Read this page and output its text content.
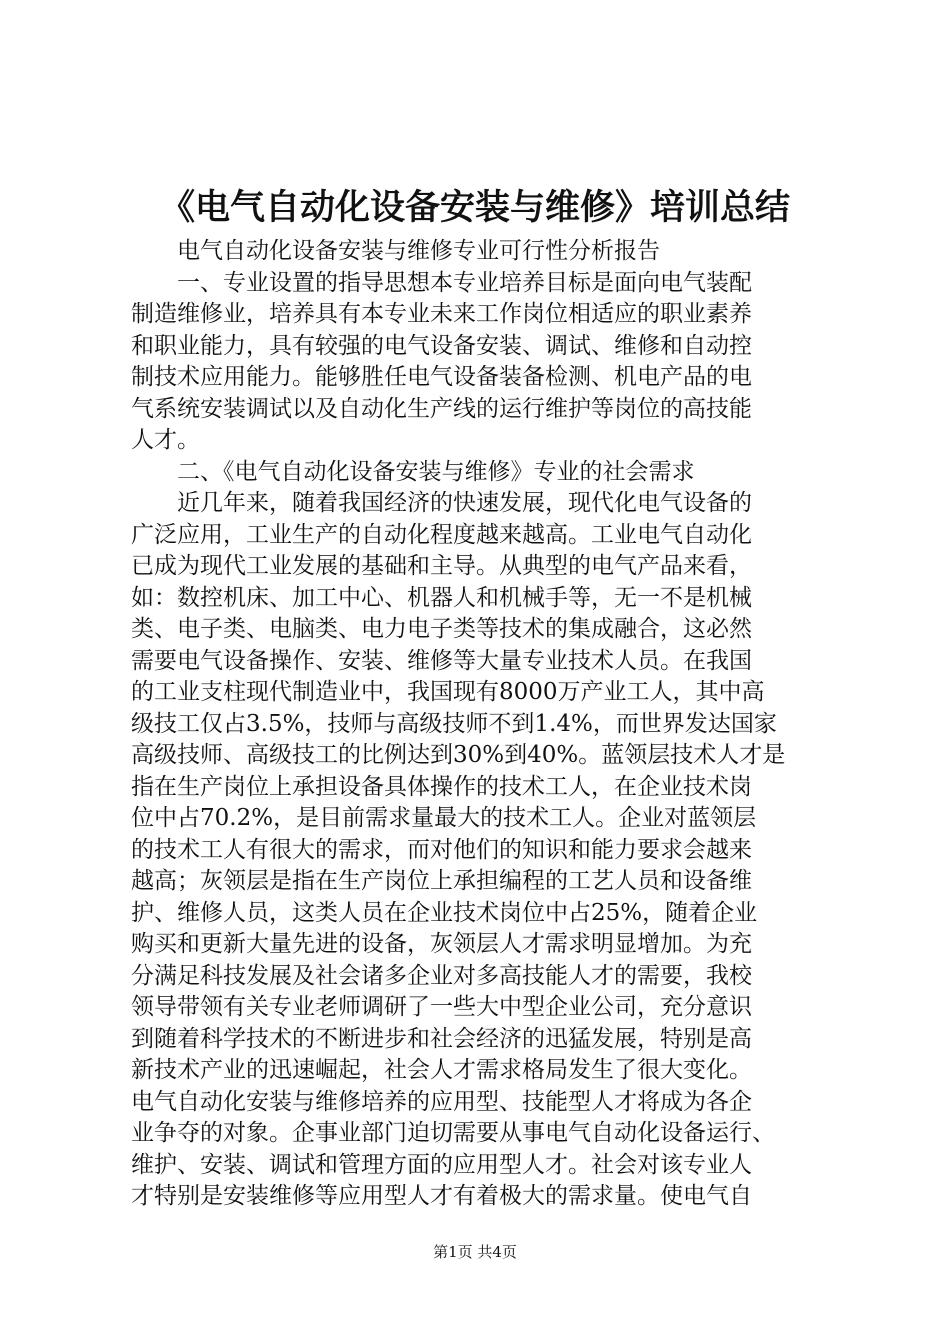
《电气自动化设备安装与维修》培训总结
　　电气自动化设备安装与维修专业可行性分析报告
　　一、专业设置的指导思想本专业培养目标是面向电气装配
制造维修业，培养具有本专业未来工作岗位相适应的职业素养
和职业能力，具有较强的电气设备安装、调试、维修和自动控
制技术应用能力。能够胜任电气设备装备检测、机电产品的电
气系统安装调试以及自动化生产线的运行维护等岗位的高技能
人才。
　　二、《电气自动化设备安装与维修》专业的社会需求
　　近几年来，随着我国经济的快速发展，现代化电气设备的
广泛应用，工业生产的自动化程度越来越高。工业电气自动化
已成为现代工业发展的基础和主导。从典型的电气产品来看，
如：数控机床、加工中心、机器人和机械手等，无一不是机械
类、电子类、电脑类、电力电子类等技术的集成融合，这必然
需要电气设备操作、安装、维修等大量专业技术人员。在我国
的工业支柱现代制造业中，我国现有8000万产业工人，其中高
级技工仅占3.5%，技师与高级技师不到1.4%，而世界发达国家
高级技师、高级技工的比例达到30%到40%。蓝领层技术人才是
指在生产岗位上承担设备具体操作的技术工人，在企业技术岗
位中占70.2%，是目前需求量最大的技术工人。企业对蓝领层
的技术工人有很大的需求，而对他们的知识和能力要求会越来
越高；灰领层是指在生产岗位上承担编程的工艺人员和设备维
护、维修人员，这类人员在企业技术岗位中占25%，随着企业
购买和更新大量先进的设备，灰领层人才需求明显增加。为充
分满足科技发展及社会诸多企业对多高技能人才的需要，我校
领导带领有关专业老师调研了一些大中型企业公司，充分意识
到随着科学技术的不断进步和社会经济的迅猛发展，特别是高
新技术产业的迅速崛起，社会人才需求格局发生了很大变化。
电气自动化安装与维修培养的应用型、技能型人才将成为各企
业争夺的对象。企事业部门迫切需要从事电气自动化设备运行、
维护、安装、调试和管理方面的应用型人才。社会对该专业人
才特别是安装维修等应用型人才有着极大的需求量。使电气自
第1页 共4页
